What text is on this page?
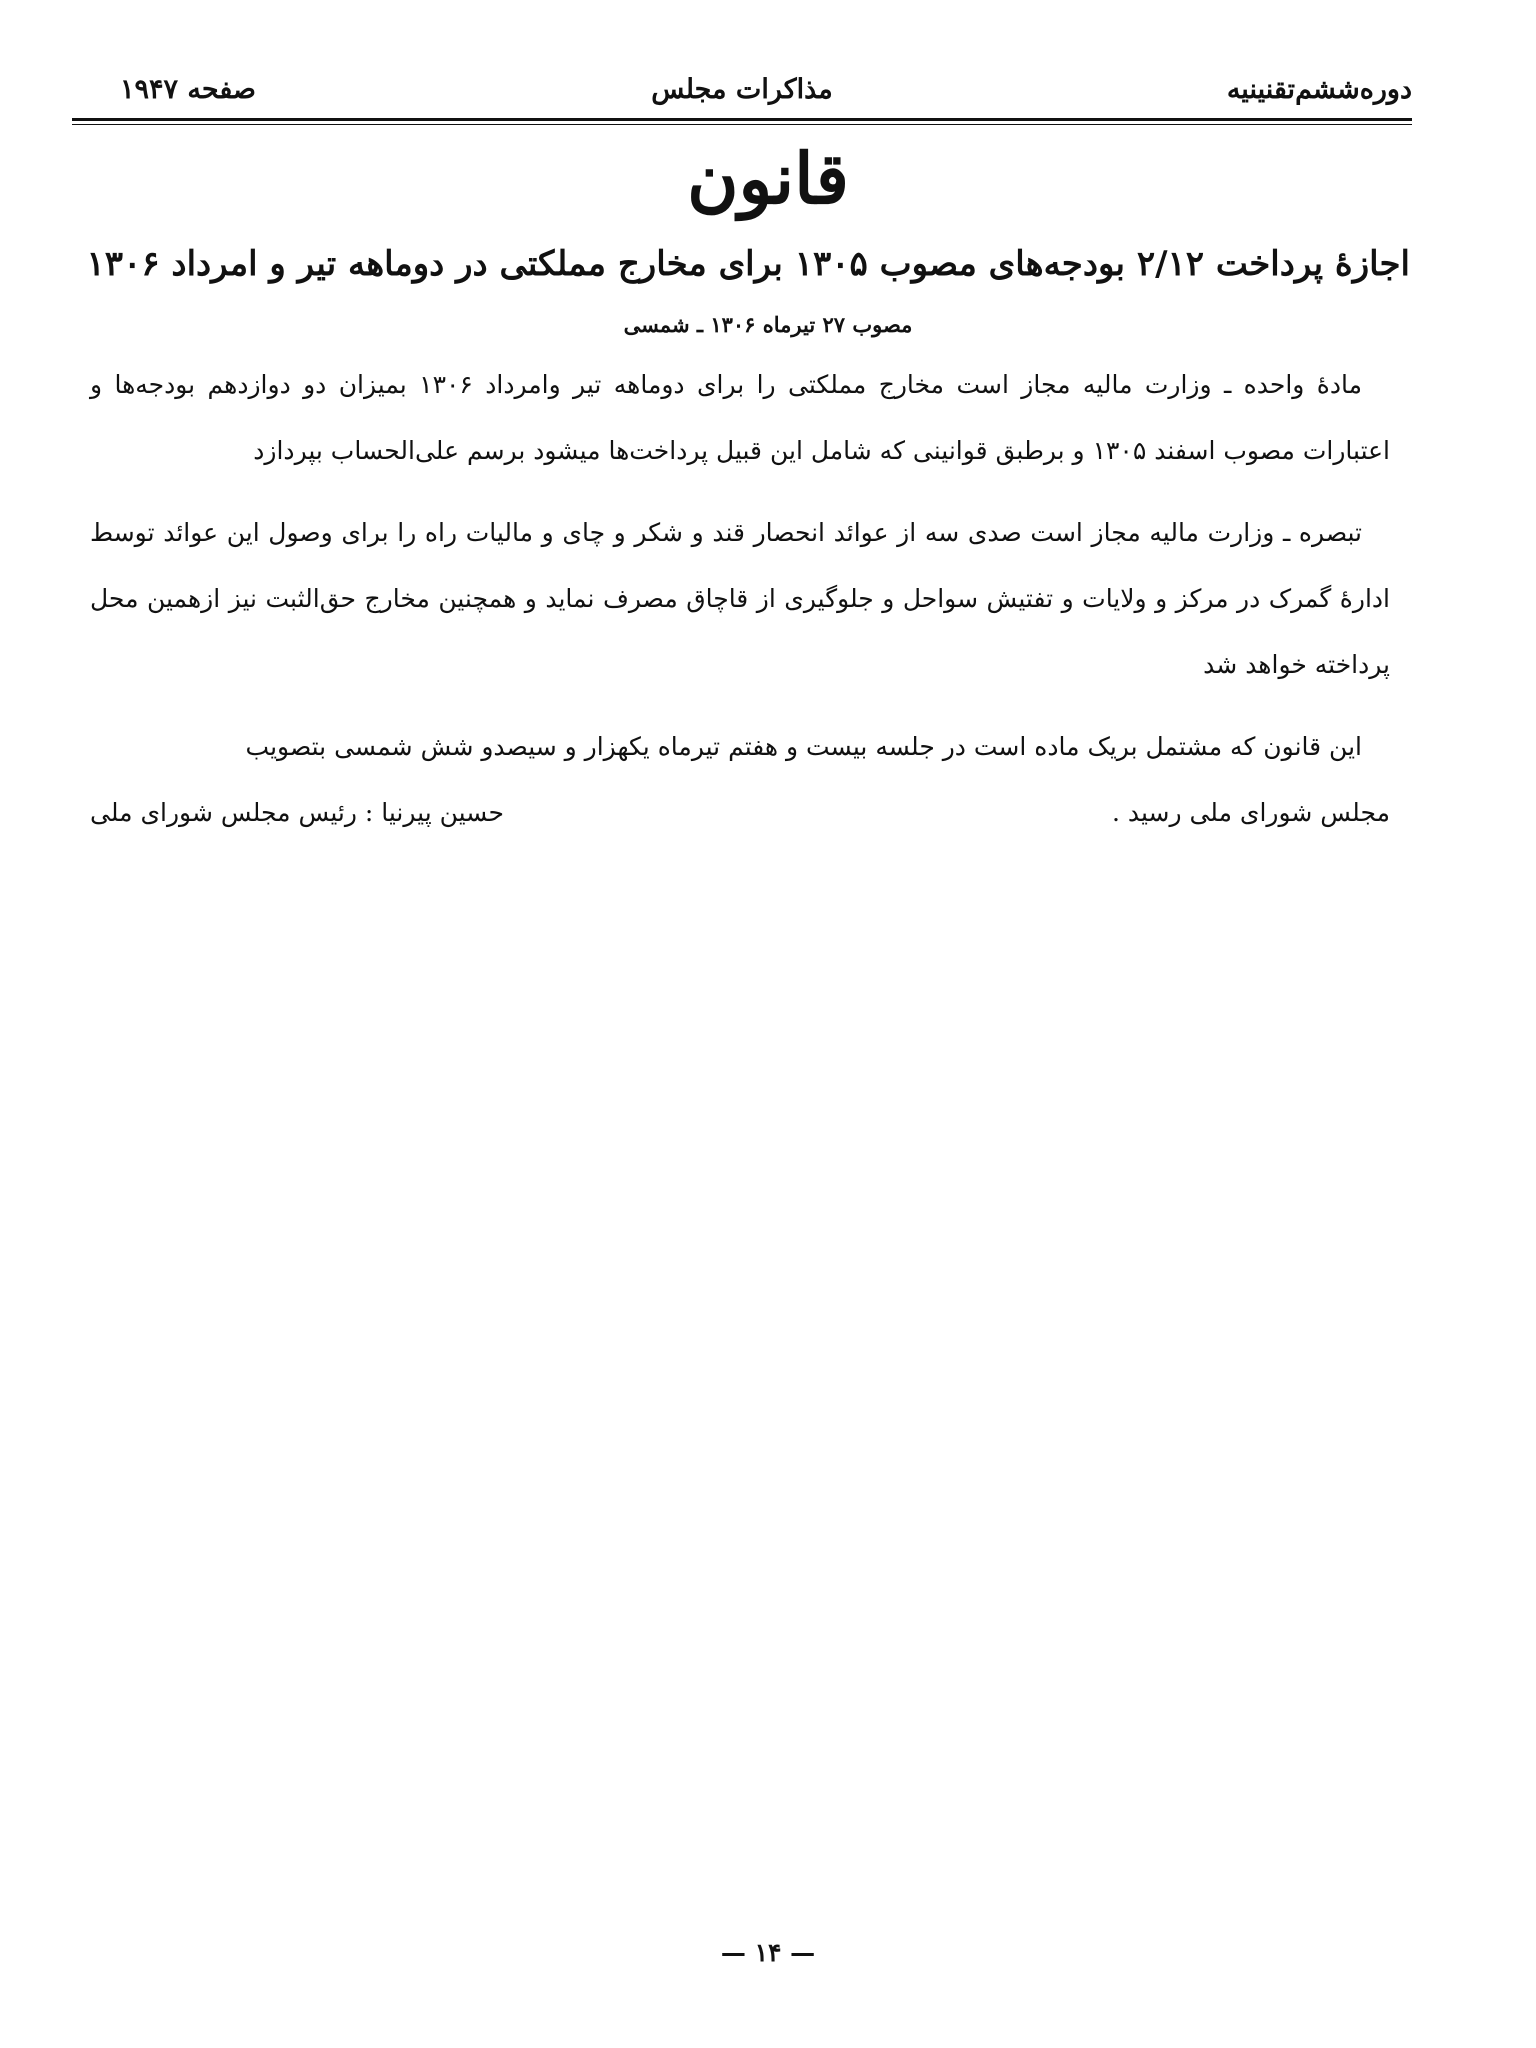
دوره‌ششم‌تقنینیه
مذاکرات مجلس
صفحه ۱۹۴۷
قانون
اجازهٔ پرداخت ۲/۱۲ بودجه‌های مصوب ۱۳۰۵ برای مخارج مملکتی در دوماهه تیر و امرداد ۱۳۰۶
مصوب ۲۷ تیرماه ۱۳۰۶ ـ شمسی

مادهٔ واحده ـ وزارت مالیه مجاز است مخارج مملکتی را برای دوماهه تیر وامرداد ۱۳۰۶ بمیزان دو دوازدهم بودجه‌ها و اعتبارات مصوب اسفند ۱۳۰۵ و برطبق قوانینی که شامل این قبیل پرداخت‌ها میشود برسم علی‌الحساب بپردازد

تبصره ـ وزارت مالیه مجاز است صدی سه از عوائد انحصار قند و شکر و چای و مالیات راه را برای وصول این عوائد توسط ادارهٔ گمرک در مرکز و ولایات و تفتیش سواحل و جلوگیری از قاچاق مصرف نماید و همچنین مخارج حق‌الثبت نیز ازهمین محل پرداخته خواهد شد

این قانون که مشتمل بریک ماده است در جلسه بیست و هفتم تیرماه یکهزار و سیصدو شش شمسی بتصویب

مجلس شورای ملی رسید .
حسین پیرنیا : رئیس مجلس شورای ملی
— ۱۴ —
